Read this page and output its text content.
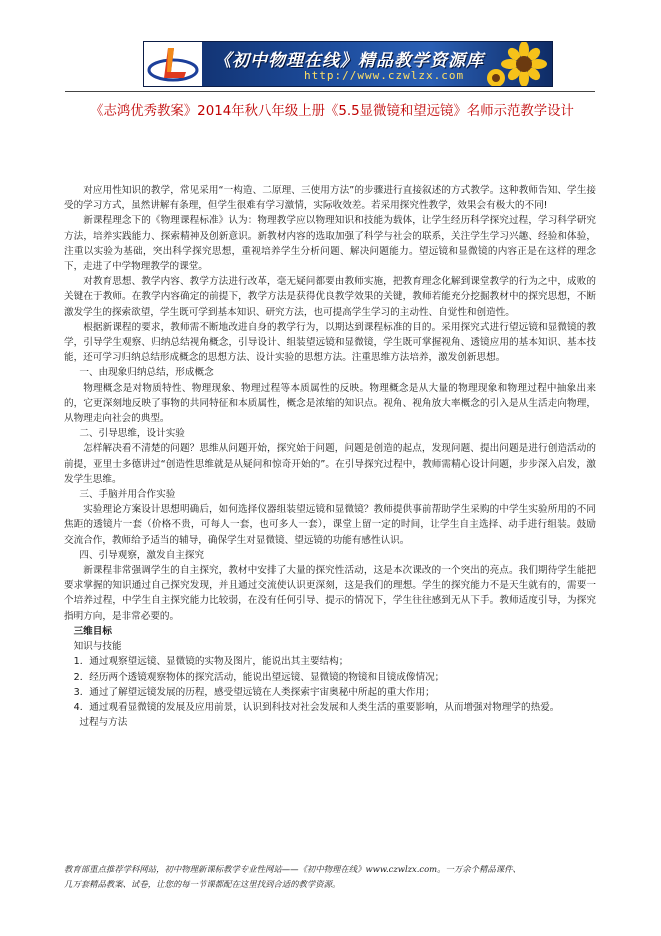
《初中物理在线》精品教学资源库
http://www.czwlzx.com
《志鸿优秀教案》2014年秋八年级上册《5.5显微镜和望远镜》名师示范教学设计

对应用性知识的教学，常见采用“一构造、二原理、三使用方法”的步骤进行直接叙述的方式教学。这种教师告知、学生接受的学习方式，虽然讲解有条理，但学生很难有学习激情，实际收效差。若采用探究性教学，效果会有极大的不同!

新课程理念下的《物理课程标准》认为：物理教学应以物理知识和技能为载体，让学生经历科学探究过程，学习科学研究方法，培养实践能力、探索精神及创新意识。新教材内容的选取加强了科学与社会的联系，关注学生学习兴趣、经验和体验，注重以实验为基础，突出科学探究思想，重视培养学生分析问题、解决问题能力。望远镜和显微镜的内容正是在这样的理念下，走进了中学物理教学的课堂。

对教育思想、教学内容、教学方法进行改革，毫无疑问都要由教师实施，把教育理念化解到课堂教学的行为之中，成败的关键在于教师。在教学内容确定的前提下，教学方法是获得优良教学效果的关键，教师若能充分挖掘教材中的探究思想，不断激发学生的探索欲望，学生既可学到基本知识、研究方法，也可提高学生学习的主动性、自觉性和创造性。

根据新课程的要求，教师需不断地改进自身的教学行为，以期达到课程标准的目的。采用探究式进行望远镜和显微镜的教学，引导学生观察、归纳总结视角概念，引导设计、组装望远镜和显微镜，学生既可掌握视角、透镜应用的基本知识、基本技能，还可学习归纳总结形成概念的思想方法、设计实验的思想方法。注重思维方法培养，激发创新思想。

一、由现象归纳总结，形成概念

物理概念是对物质特性、物理现象、物理过程等本质属性的反映。物理概念是从大量的物理现象和物理过程中抽象出来的，它更深刻地反映了事物的共同特征和本质属性，概念是浓缩的知识点。视角、视角放大率概念的引入是从生活走向物理，从物理走向社会的典型。

二、引导思维，设计实验

怎样解决看不清楚的问题？思维从问题开始，探究始于问题，问题是创造的起点，发现问题、提出问题是进行创造活动的前提，亚里士多德讲过“创造性思维就是从疑问和惊奇开始的”。在引导探究过程中，教师需精心设计问题，步步深入启发，激发学生思维。

三、手脑并用合作实验

实验理论方案设计思想明确后，如何选择仪器组装望远镜和显微镜？教师提供事前帮助学生采购的中学生实验所用的不同焦距的透镜片一套（价格不贵，可每人一套，也可多人一套），课堂上留一定的时间，让学生自主选择、动手进行组装。鼓励交流合作，教师给予适当的辅导，确保学生对显微镜、望远镜的功能有感性认识。

四、引导观察，激发自主探究

新课程非常强调学生的自主探究，教材中安排了大量的探究性活动，这是本次课改的一个突出的亮点。我们期待学生能把要求掌握的知识通过自己探究发现，并且通过交流使认识更深刻，这是我们的理想。学生的探究能力不是天生就有的，需要一个培养过程，中学生自主探究能力比较弱，在没有任何引导、提示的情况下，学生往往感到无从下手。教师适度引导，为探究指明方向，是非常必要的。

三维目标

知识与技能

1．通过观察望远镜、显微镜的实物及图片，能说出其主要结构；

2．经历两个透镜观察物体的探究活动，能说出望远镜、显微镜的物镜和目镜成像情况；

3．通过了解望远镜发展的历程，感受望远镜在人类探索宇宙奥秘中所起的重大作用；

4．通过观看显微镜的发展及应用前景，认识到科技对社会发展和人类生活的重要影响，从而增强对物理学的热爱。

过程与方法

教育部重点推荐学科网站，初中物理新课标教学专业性网站——《初中物理在线》www.czwlzx.com。一万余个精品课件、
几万套精品教案、试卷，让您的每一节课都配在这里找到合适的教学资源。
